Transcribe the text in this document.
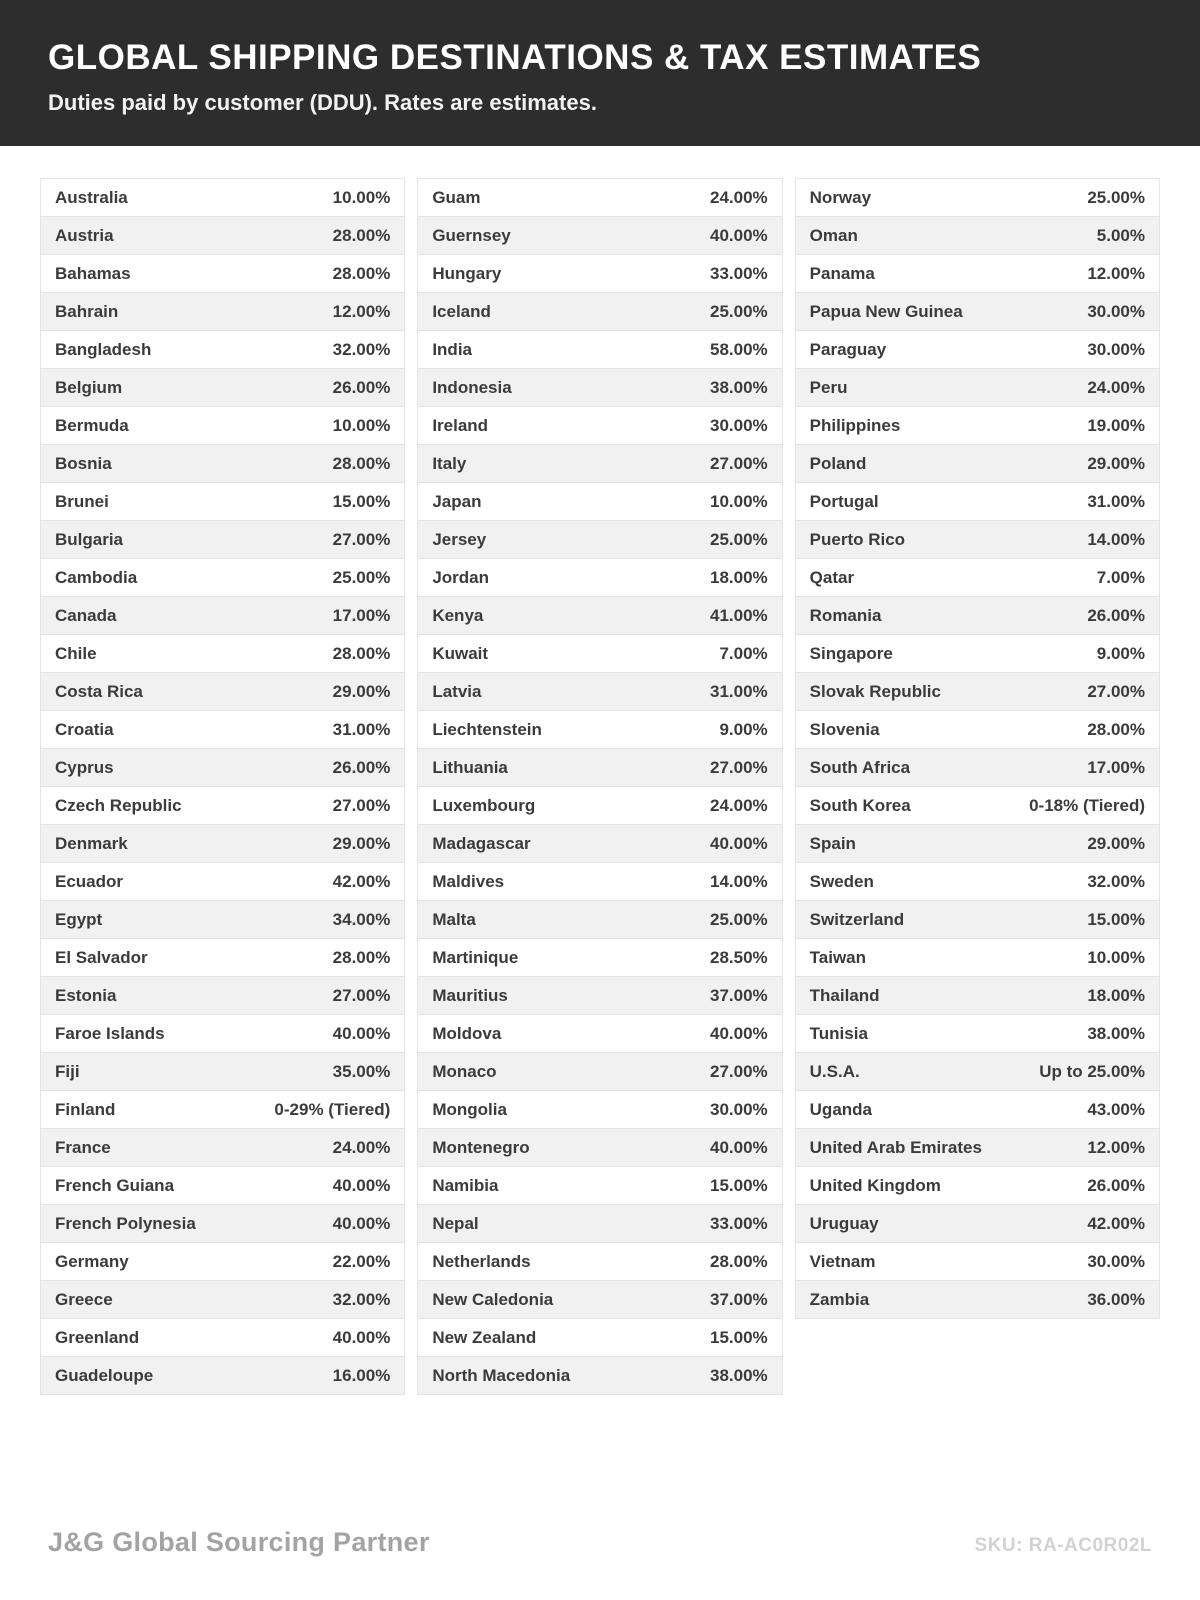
GLOBAL SHIPPING DESTINATIONS & TAX ESTIMATES

Duties paid by customer (DDU). Rates are estimates.

Australia	10.00%
Austria	28.00%
Bahamas	28.00%
Bahrain	12.00%
Bangladesh	32.00%
Belgium	26.00%
Bermuda	10.00%
Bosnia	28.00%
Brunei	15.00%
Bulgaria	27.00%
Cambodia	25.00%
Canada	17.00%
Chile	28.00%
Costa Rica	29.00%
Croatia	31.00%
Cyprus	26.00%
Czech Republic	27.00%
Denmark	29.00%
Ecuador	42.00%
Egypt	34.00%
El Salvador	28.00%
Estonia	27.00%
Faroe Islands	40.00%
Fiji	35.00%
Finland	0-29% (Tiered)
France	24.00%
French Guiana	40.00%
French Polynesia	40.00%
Germany	22.00%
Greece	32.00%
Greenland	40.00%
Guadeloupe	16.00%
Guam	24.00%
Guernsey	40.00%
Hungary	33.00%
Iceland	25.00%
India	58.00%
Indonesia	38.00%
Ireland	30.00%
Italy	27.00%
Japan	10.00%
Jersey	25.00%
Jordan	18.00%
Kenya	41.00%
Kuwait	7.00%
Latvia	31.00%
Liechtenstein	9.00%
Lithuania	27.00%
Luxembourg	24.00%
Madagascar	40.00%
Maldives	14.00%
Malta	25.00%
Martinique	28.50%
Mauritius	37.00%
Moldova	40.00%
Monaco	27.00%
Mongolia	30.00%
Montenegro	40.00%
Namibia	15.00%
Nepal	33.00%
Netherlands	28.00%
New Caledonia	37.00%
New Zealand	15.00%
North Macedonia	38.00%
Norway	25.00%
Oman	5.00%
Panama	12.00%
Papua New Guinea	30.00%
Paraguay	30.00%
Peru	24.00%
Philippines	19.00%
Poland	29.00%
Portugal	31.00%
Puerto Rico	14.00%
Qatar	7.00%
Romania	26.00%
Singapore	9.00%
Slovak Republic	27.00%
Slovenia	28.00%
South Africa	17.00%
South Korea	0-18% (Tiered)
Spain	29.00%
Sweden	32.00%
Switzerland	15.00%
Taiwan	10.00%
Thailand	18.00%
Tunisia	38.00%
U.S.A.	Up to 25.00%
Uganda	43.00%
United Arab Emirates	12.00%
United Kingdom	26.00%
Uruguay	42.00%
Vietnam	30.00%
Zambia	36.00%
J&G Global Sourcing Partner	SKU: RA-AC0R02L
